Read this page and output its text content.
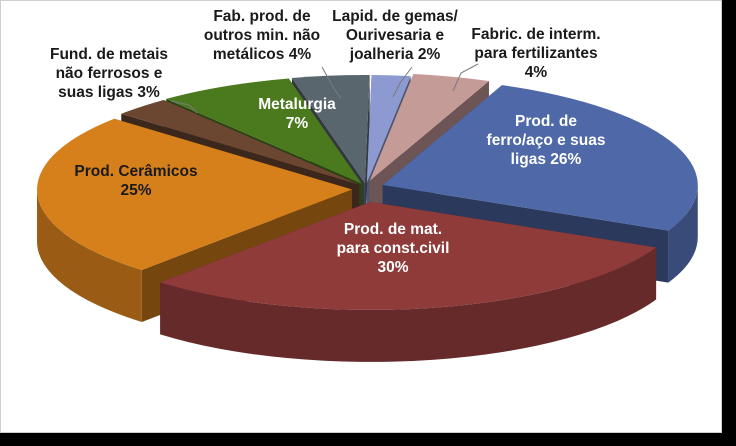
Fabric. de interm. para fertilizantes 4%
Prod. de ferro/aço e suas ligas 26%
Prod. de mat. para const.civil 30%
Prod. Cerâmicos 25%
Fund. de metais não ferrosos e suas ligas 3%
Metalurgia 7%
Fab. prod. de outros min. não metálicos 4%
Lapid. de gemas/ Ourivesaria e joalheria 2%
